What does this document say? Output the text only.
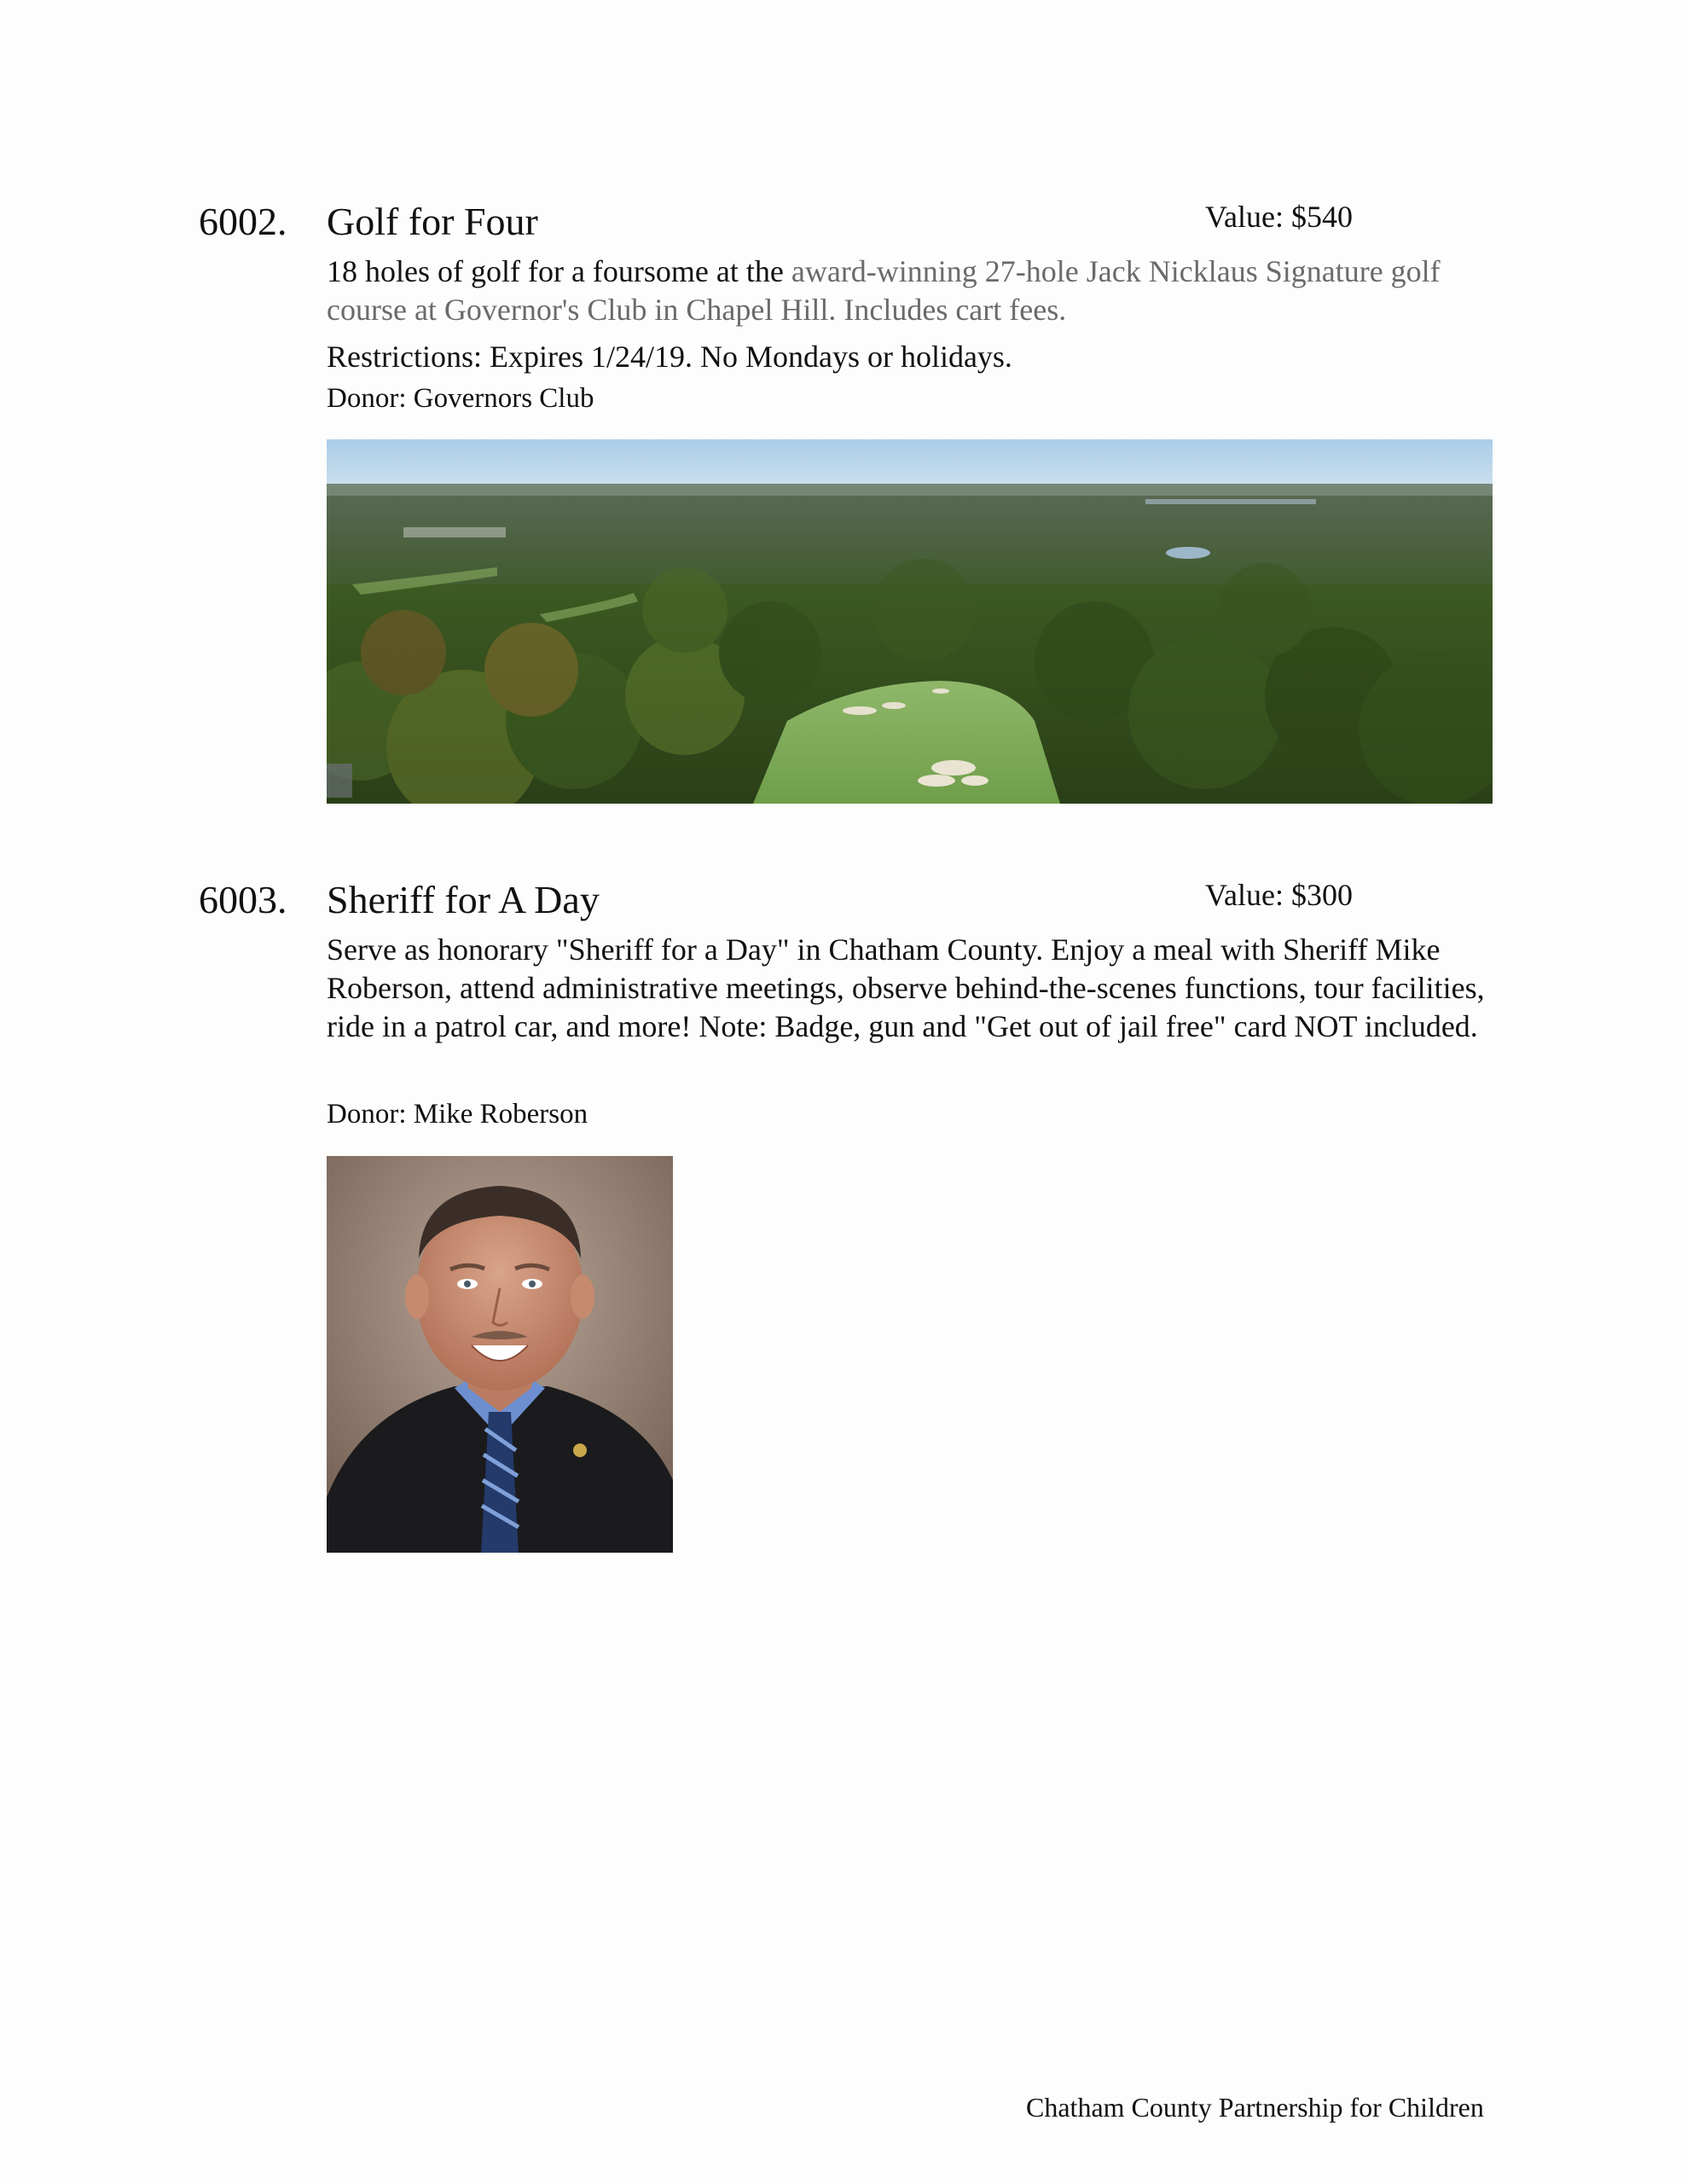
6002. Golf for Four	Value: $540
18 holes of golf for a foursome at the award-winning 27-hole Jack Nicklaus Signature golf course at Governor's Club in Chapel Hill. Includes cart fees.
Restrictions: Expires 1/24/19. No Mondays or holidays.
Donor: Governors Club
6003. Sheriff for A Day	Value: $300
Serve as honorary "Sheriff for a Day" in Chatham County. Enjoy a meal with Sheriff Mike Roberson, attend administrative meetings, observe behind-the-scenes functions, tour facilities, ride in a patrol car, and more! Note: Badge, gun and "Get out of jail free" card NOT included.
Donor: Mike Roberson
Chatham County Partnership for Children
